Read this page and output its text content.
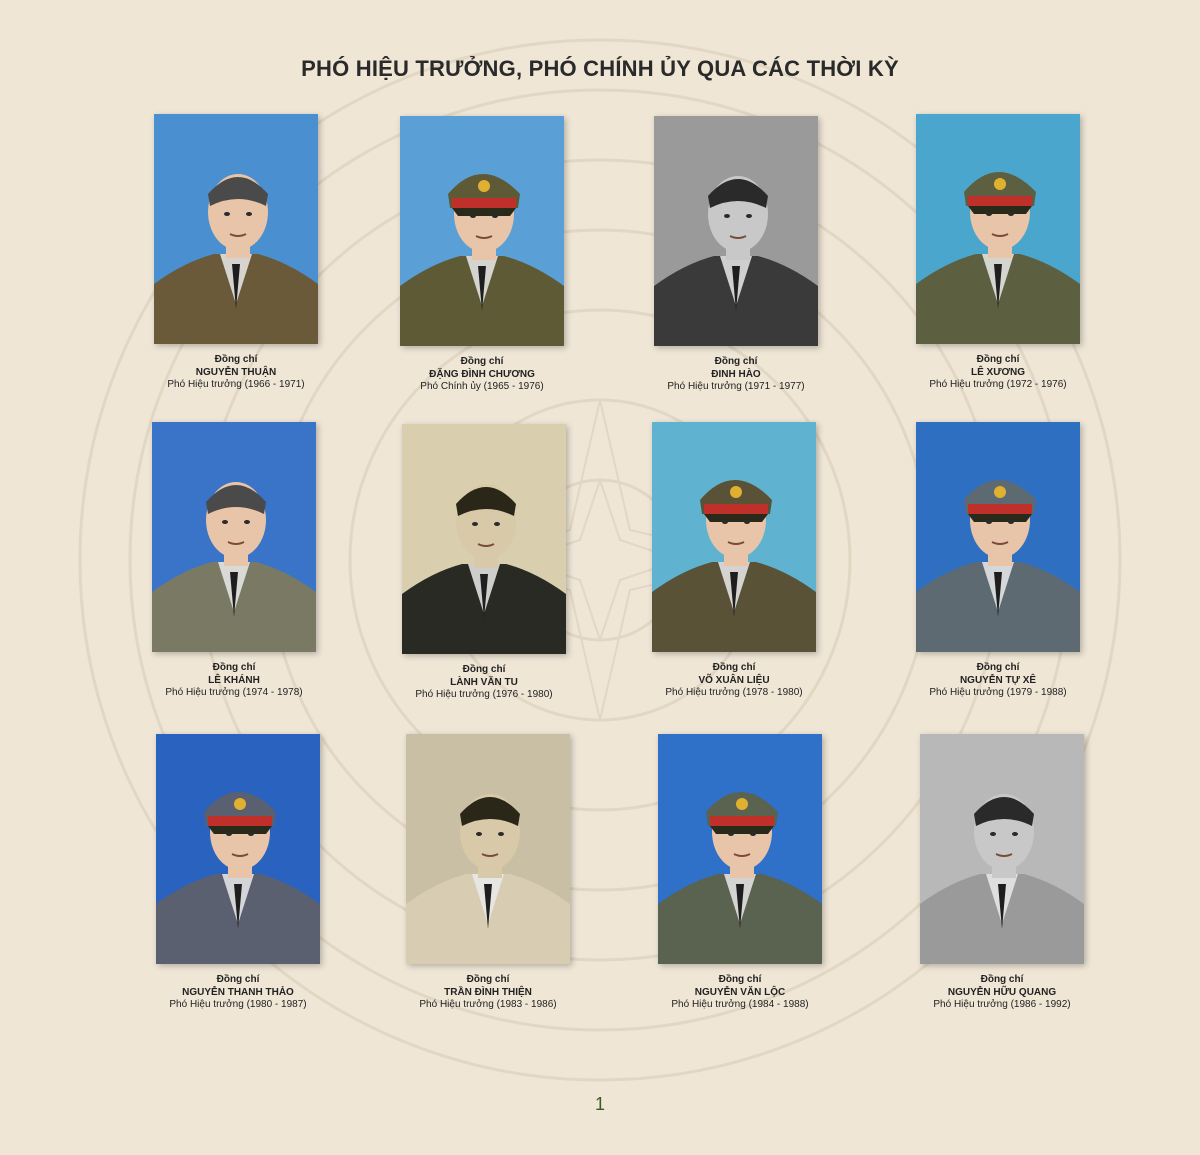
PHÓ HIỆU TRƯỞNG, PHÓ CHÍNH ỦY QUA CÁC THỜI KỲ
Đồng chí
NGUYỄN THUẬN
Phó Hiệu trưởng (1966 - 1971)
Đồng chí
ĐẶNG ĐÌNH CHƯƠNG
Phó Chính ủy (1965 - 1976)
Đồng chí
ĐINH HÀO
Phó Hiệu trưởng (1971 - 1977)
Đồng chí
LÊ XƯƠNG
Phó Hiệu trưởng (1972 - 1976)
Đồng chí
LÊ KHÁNH
Phó Hiệu trưởng (1974 - 1978)
Đồng chí
LÀNH VĂN TU
Phó Hiệu trưởng (1976 - 1980)
Đồng chí
VÕ XUÂN LIỆU
Phó Hiệu trưởng (1978 - 1980)
Đồng chí
NGUYỄN TỰ XÊ
Phó Hiệu trưởng (1979 - 1988)
Đồng chí
NGUYỄN THANH THẢO
Phó Hiệu trưởng (1980 - 1987)
Đồng chí
TRẦN ĐÌNH THIỆN
Phó Hiệu trưởng (1983 - 1986)
Đồng chí
NGUYỄN VĂN LỘC
Phó Hiệu trưởng (1984 - 1988)
Đồng chí
NGUYỄN HỮU QUANG
Phó Hiệu trưởng (1986 - 1992)
1
